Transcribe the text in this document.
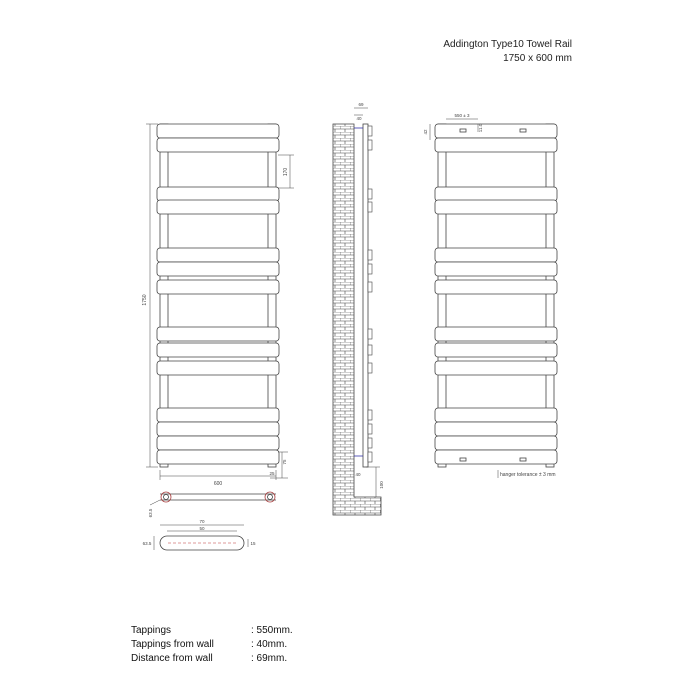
Addington Type10 Towel Rail
1750 x 600 mm
1750
170
600
25
75
63.5
70
50
63.5	15
69
40
100
40
550 ± 3
42	11.0
hanger tolerance ± 3 mm
Tappings	: 550mm.
Tappings from wall	: 40mm.
Distance from wall	: 69mm.
